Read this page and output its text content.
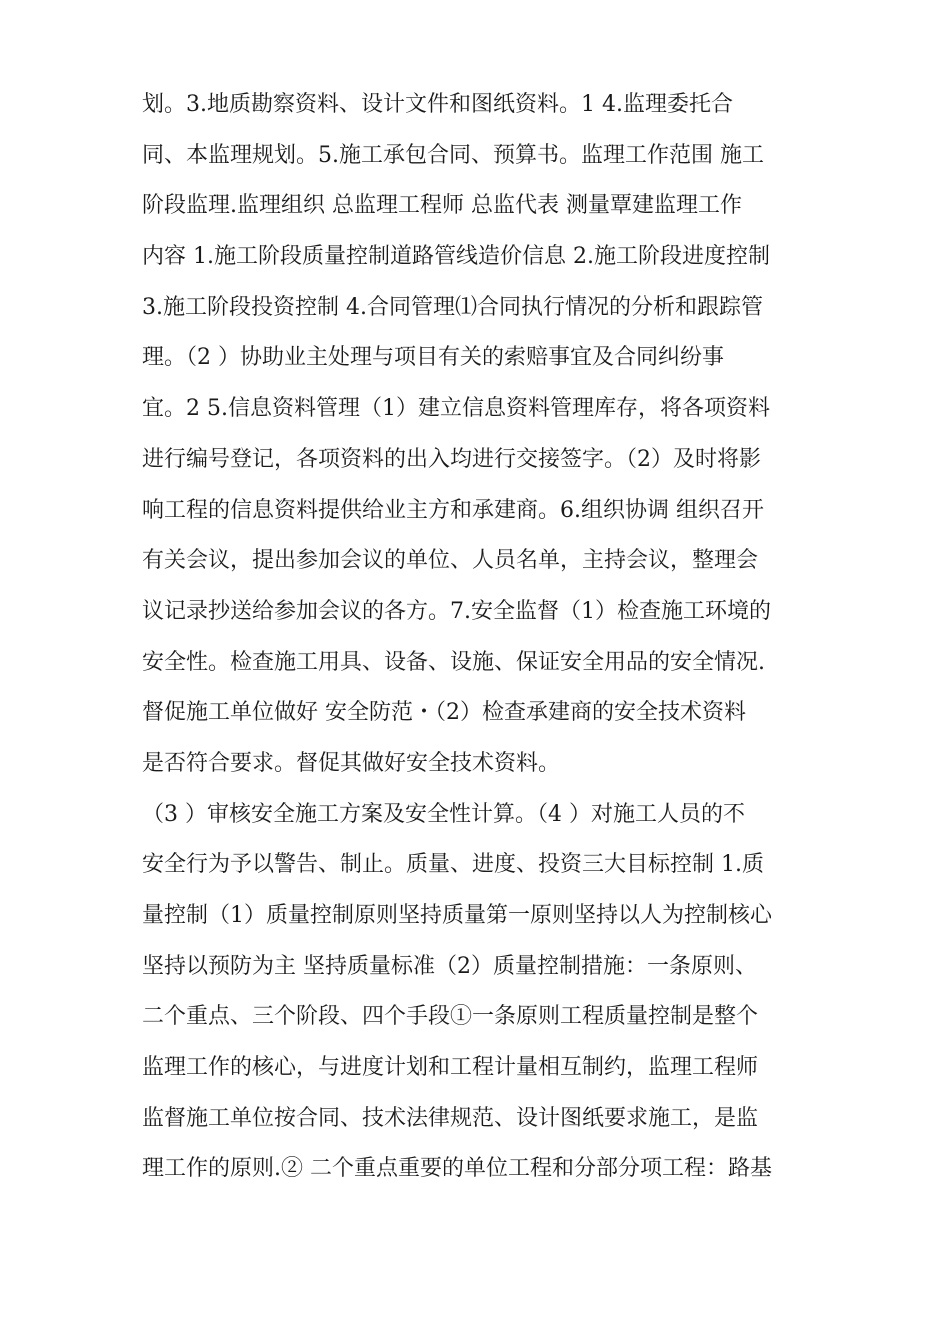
划。3.地质勘察资料、设计文件和图纸资料。1 4.监理委托合
同、本监理规划。5.施工承包合同、预算书。监理工作范围 施工
阶段监理.监理组织 总监理工程师 总监代表 测量覃建监理工作
内容 1.施工阶段质量控制道路管线造价信息 2.施工阶段进度控制
3.施工阶段投资控制 4.合同管理⑴合同执行情况的分析和跟踪管
理。（2 ）协助业主处理与项目有关的索赔事宜及合同纠纷事
宜。2 5.信息资料管理（1）建立信息资料管理库存，将各项资料
进行编号登记，各项资料的出入均进行交接签字。（2）及时将影
响工程的信息资料提供给业主方和承建商。6.组织协调 组织召开
有关会议，提出参加会议的单位、人员名单，主持会议，整理会
议记录抄送给参加会议的各方。7.安全监督（1）检查施工环境的
安全性。检查施工用具、设备、设施、保证安全用品的安全情况.
督促施工单位做好 安全防范・（2）检查承建商的安全技术资料
是否符合要求。督促其做好安全技术资料。
（3 ）审核安全施工方案及安全性计算。（4 ）对施工人员的不
安全行为予以警告、制止。质量、进度、投资三大目标控制 1.质
量控制（1）质量控制原则坚持质量第一原则坚持以人为控制核心
坚持以预防为主 坚持质量标准（2）质量控制措施：一条原则、
二个重点、三个阶段、四个手段①一条原则工程质量控制是整个
监理工作的核心，与进度计划和工程计量相互制约，监理工程师
监督施工单位按合同、技术法律规范、设计图纸要求施工，是监
理工作的原则.② 二个重点重要的单位工程和分部分项工程：路基
